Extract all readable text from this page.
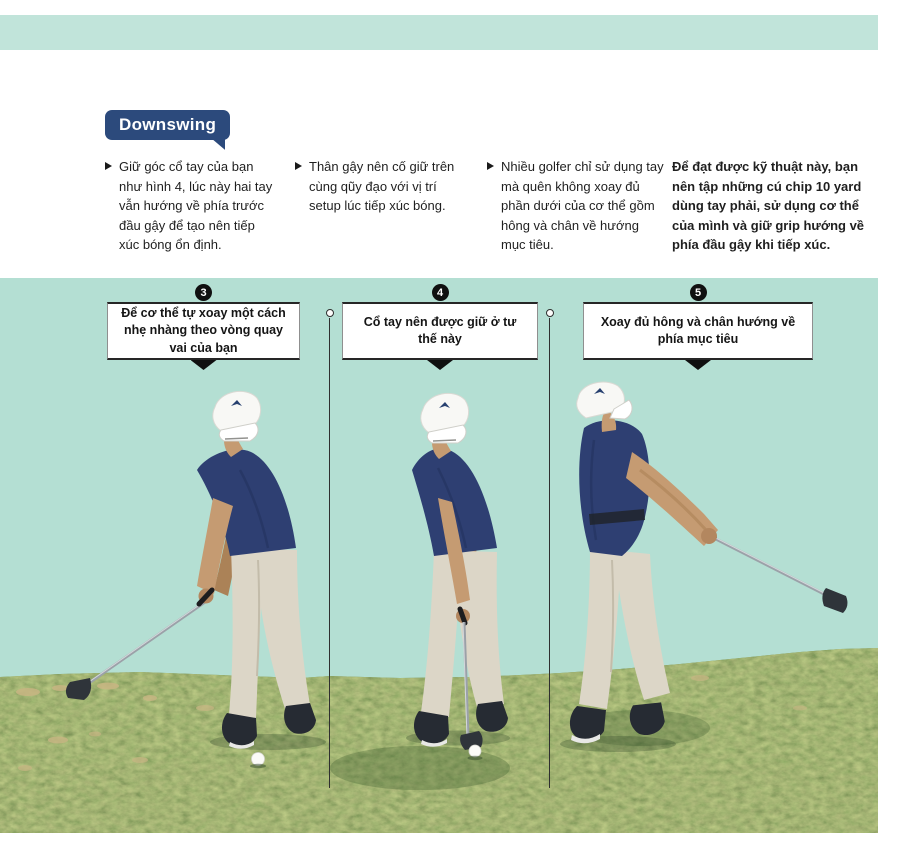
Downswing

Giữ góc cổ tay của bạn như hình 4, lúc này hai tay vẫn hướng về phía trước đầu gậy để tạo nên tiếp xúc bóng ổn định.

Thân gậy nên cố giữ trên cùng qũy đạo với vị trí setup lúc tiếp xúc bóng.

Nhiều golfer chỉ sử dụng tay mà quên không xoay đủ phần dưới của cơ thể gồm hông và chân về hướng mục tiêu.

Để đạt được kỹ thuật này, bạn nên tập những cú chip 10 yard dùng tay phải, sử dụng cơ thể của mình và giữ grip hướng về phía đầu gậy khi tiếp xúc.

3
Để cơ thể tự xoay một cách nhẹ nhàng theo vòng quay vai của bạn
4
Cổ tay nên được giữ ở tư thế này
5
Xoay đủ hông và chân hướng về phía mục tiêu
